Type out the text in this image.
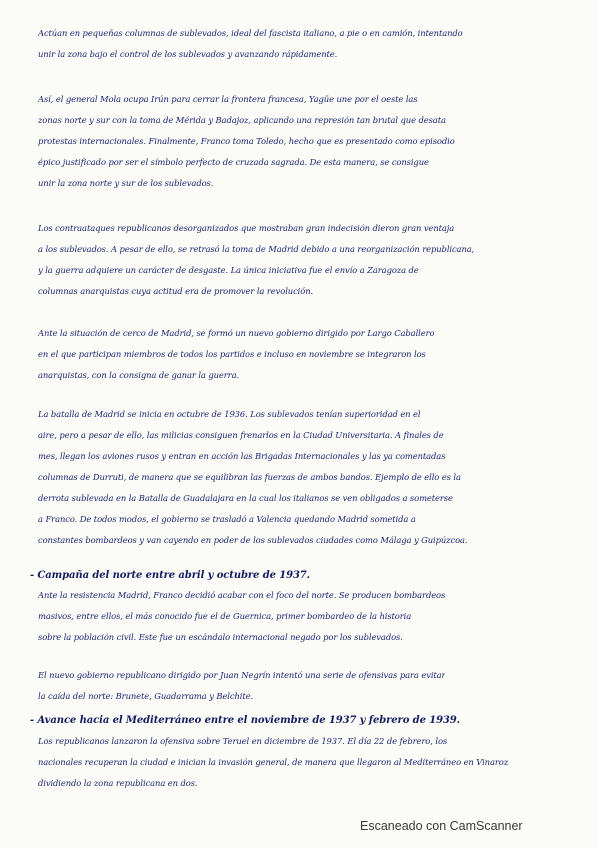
Actúan en pequeñas columnas de sublevados, ideal del fascista italiano, a pie o en camión, intentando
unir la zona bajo el control de los sublevados y avanzando rápidamente.
Así, el general Mola ocupa Irún para cerrar la frontera francesa, Yagüe une por el oeste las
zonas norte y sur con la toma de Mérida y Badajoz, aplicando una represión tan brutal que desata
protestas internacionales. Finalmente, Franco toma Toledo, hecho que es presentado como episodio
épico justificado por ser el símbolo perfecto de cruzada sagrada. De esta manera, se consigue
unir la zona norte y sur de los sublevados.
Los contraataques republicanos desorganizados que mostraban gran indecisión dieron gran ventaja
a los sublevados. A pesar de ello, se retrasó la toma de Madrid debido a una reorganización republicana,
y la guerra adquiere un carácter de desgaste. La única iniciativa fue el envío a Zaragoza de
columnas anarquistas cuya actitud era de promover la revolución.
Ante la situación de cerco de Madrid, se formó un nuevo gobierno dirigido por Largo Caballero
en el que participan miembros de todos los partidos e incluso en noviembre se integraron los
anarquistas, con la consigna de ganar la guerra.
La batalla de Madrid se inicia en octubre de 1936. Los sublevados tenían superioridad en el
aire, pero a pesar de ello, las milicias consiguen frenarlos en la Ciudad Universitaria. A finales de
mes, llegan los aviones rusos y entran en acción las Brigadas Internacionales y las ya comentadas
columnas de Durruti, de manera que se equilibran las fuerzas de ambos bandos. Ejemplo de ello es la
derrota sublevada en la Batalla de Guadalajara en la cual los italianos se ven obligados a someterse
a Franco. De todos modos, el gobierno se trasladó a Valencia quedando Madrid sometida a
constantes bombardeos y van cayendo en poder de los sublevados ciudades como Málaga y Guipúzcoa.
- Campaña del norte entre abril y octubre de 1937.
Ante la resistencia Madrid, Franco decidió acabar con el foco del norte. Se producen bombardeos
masivos, entre ellos, el más conocido fue el de Guernica, primer bombardeo de la historia
sobre la población civil. Este fue un escándalo internacional negado por los sublevados.
El nuevo gobierno republicano dirigido por Juan Negrín intentó una serie de ofensivas para evitar
la caída del norte: Brunete, Guadarrama y Belchite.
- Avance hacia el Mediterráneo entre el noviembre de 1937 y febrero de 1939.
Los republicanos lanzaron la ofensiva sobre Teruel en diciembre de 1937. El día 22 de febrero, los
nacionales recuperan la ciudad e inician la invasión general, de manera que llegaron al Mediterráneo en Vinaroz
dividiendo la zona republicana en dos.
Escaneado con CamScanner
